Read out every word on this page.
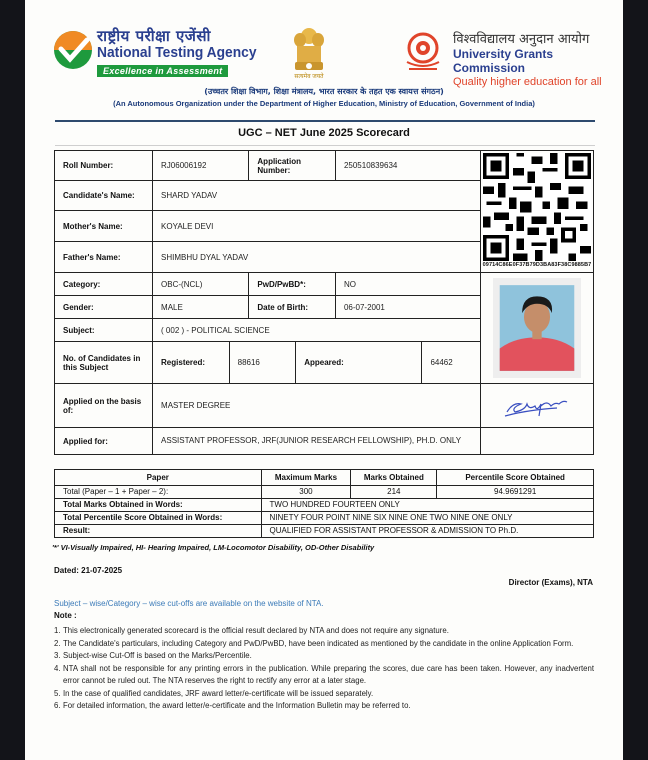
राष्ट्रीय परीक्षा एजेंसी
National Testing Agency
Excellence in Assessment
सत्यमेव जयते
विश्वविद्यालय अनुदान आयोग
University Grants Commission
Quality higher education for all
(उच्चतर शिक्षा विभाग, शिक्षा मंत्रालय, भारत सरकार के तहत एक स्वायत्त संगठन)
(An Autonomous Organization under the Department of Higher Education, Ministry of Education, Government of India)
UGC – NET June 2025 Scorecard
Roll Number:	RJ06006192		Application Number:		250510839634		09714C86E0F37B79D3BA83F38C9885B7

Candidate's Name:	SHARD YADAV						
Mother's Name:	KOYALE DEVI						
Father's Name:	SHIMBHU DYAL YADAV						
Category:	OBC-(NCL)		PwD/PwBD*:		NO	

Gender:	MALE		Date of Birth:		06-07-2001		
Subject:	( 002 ) - POLITICAL SCIENCE						
No. of Candidates in this Subject	Registered:	88616		Appeared:		64462	
Applied on the basis of:	MASTER DEGREE	
Applied for:	ASSISTANT PROFESSOR, JRF(JUNIOR RESEARCH FELLOWSHIP), PH.D. ONLY						
Paper	Maximum Marks	Marks Obtained	Percentile Score Obtained
Total (Paper – 1 + Paper – 2):	300	214	94.9691291
Total Marks Obtained in Words:	TWO HUNDRED FOURTEEN ONLY		
Total Percentile Score Obtained in Words:	NINETY FOUR POINT NINE SIX NINE ONE TWO NINE ONE ONLY		
Result:	QUALIFIED FOR ASSISTANT PROFESSOR & ADMISSION TO Ph.D.		
'*' VI-Visually Impaired, HI- Hearing Impaired, LM-Locomotor Disability, OD-Other Disability
Dated: 21-07-2025
Director (Exams), NTA
Subject – wise/Category – wise cut-offs are available on the website of NTA.
Note :
1. This electronically generated scorecard is the official result declared by NTA and does not require any signature.
2. The Candidate's particulars, including Category and PwD/PwBD, have been indicated as mentioned by the candidate in the online Application Form.
3. Subject-wise Cut-Off is based on the Marks/Percentile.
4. NTA shall not be responsible for any printing errors in the publication. While preparing the scores, due care has been taken. However, any inadvertent error cannot be ruled out. The NTA reserves the right to rectify any error at a later stage.
5. In the case of qualified candidates, JRF award letter/e-certificate will be issued separately.
6. For detailed information, the award letter/e-certificate and the Information Bulletin may be referred to.
